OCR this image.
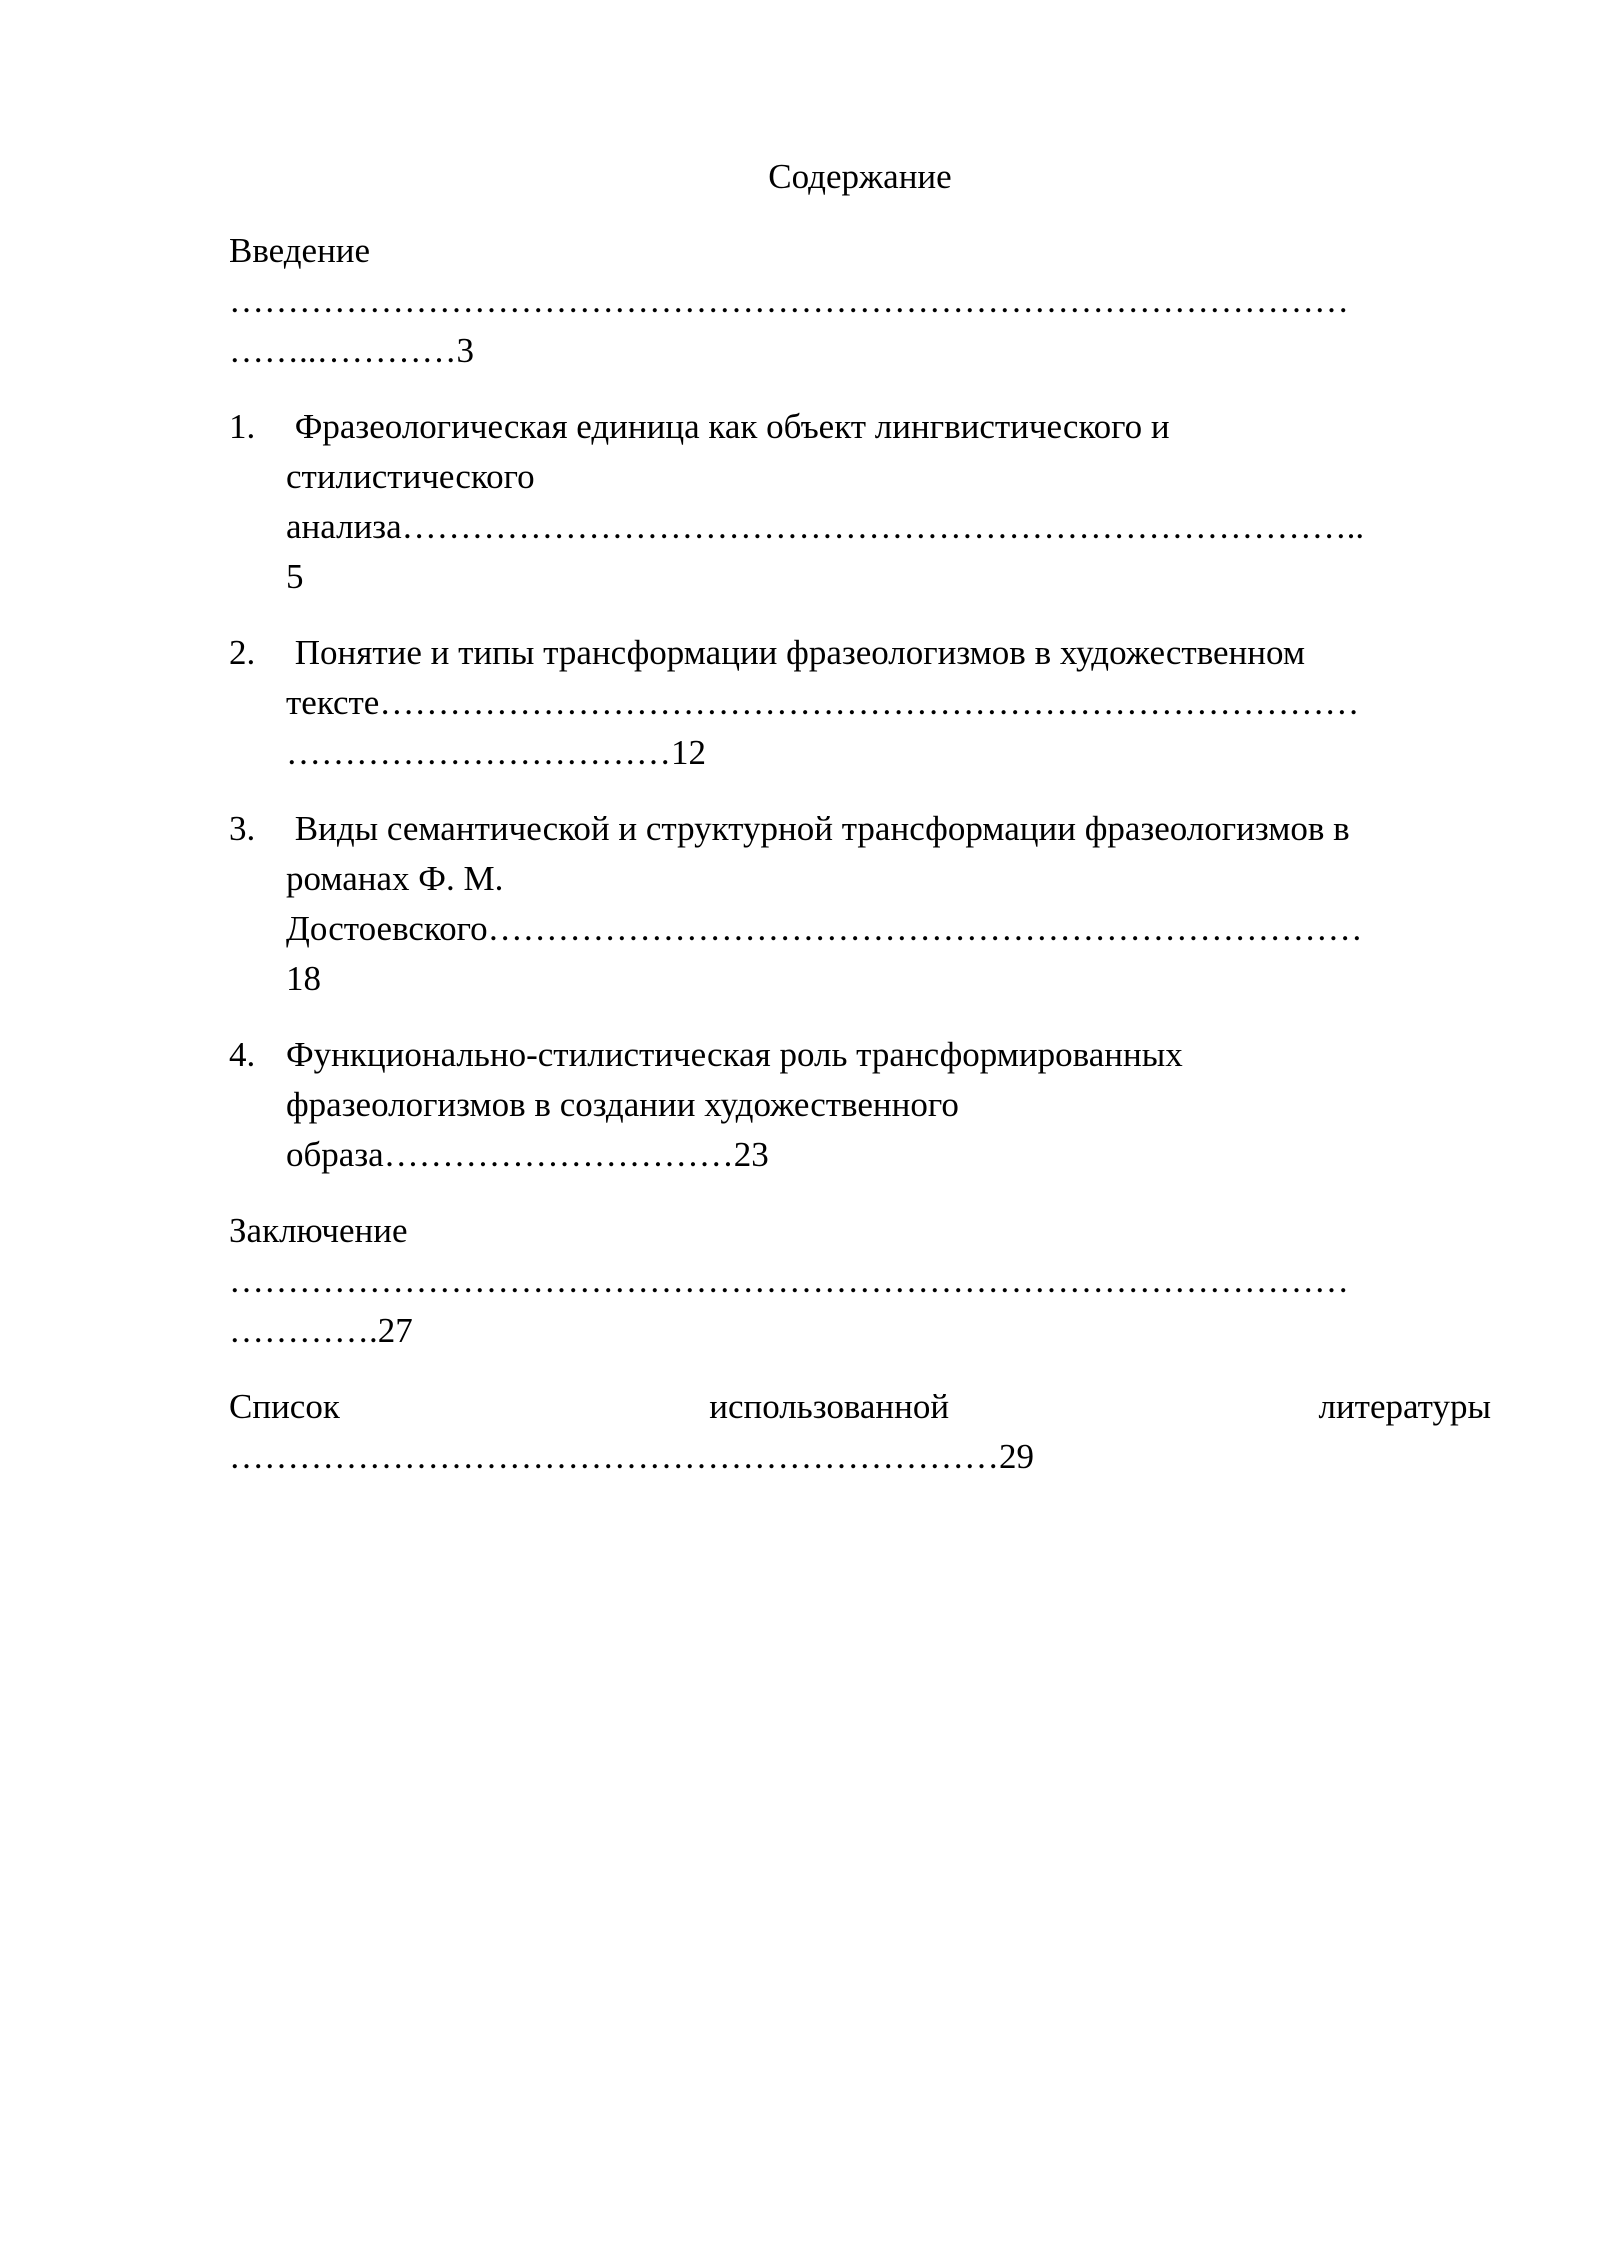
Содержание
Введение
……………………………………………………………………………………
……..…………3
1. Фразеологическая единица как объект лингвистического и
стилистического
анализа………………………………………………………………………..
5
2. Понятие и типы трансформации фразеологизмов в художественном
тексте…………………………………………………………………………
……………………………12
3. Виды семантической и структурной трансформации фразеологизмов в
романах Ф. М.
Достоевского…………………………………………………………………
18
4. Функционально-стилистическая роль трансформированных
фразеологизмов в создании художественного
образа…………………………23
Заключение
……………………………………………………………………………………
………….27
Список	использованной	литературы
…………………………………………………………29
